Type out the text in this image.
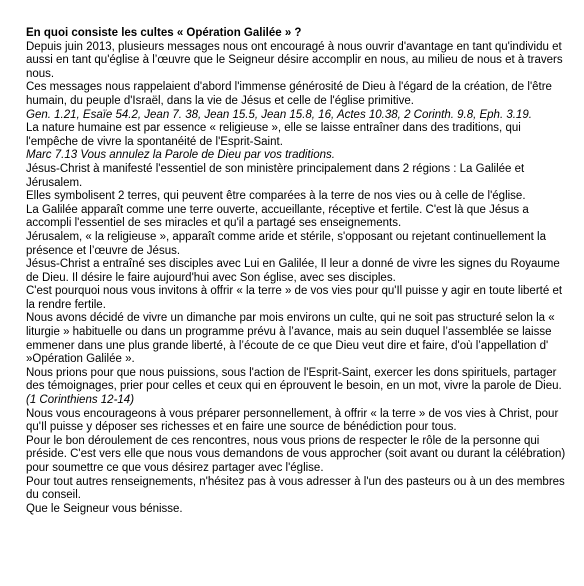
En quoi consiste les cultes « Opération Galilée » ?

Depuis juin 2013, plusieurs messages nous ont encouragé à nous ouvrir d'avantage en tant qu'individu et aussi en tant qu'église à l’œuvre que le Seigneur désire accomplir en nous, au milieu de nous et à travers nous.

Ces messages nous rappelaient d'abord l'immense générosité de Dieu à l'égard de la création, de l'être humain, du peuple d'Israël, dans la vie de Jésus et celle de l'église primitive.

Gen. 1.21, Esaïe 54.2, Jean 7. 38, Jean 15.5, Jean 15.8, 16, Actes 10.38, 2 Corinth. 9.8, Eph. 3.19.

La nature humaine est par essence « religieuse », elle se laisse entraîner dans des traditions, qui l'empêche de vivre la spontanéité de l'Esprit-Saint.

Marc 7.13 Vous annulez la Parole de Dieu par vos traditions.

Jésus-Christ à manifesté l'essentiel de son ministère principalement dans 2 régions : La Galilée et Jérusalem.

Elles symbolisent 2 terres, qui peuvent être comparées à la terre de nos vies ou à celle de l'église.

La Galilée apparaît comme une terre ouverte, accueillante, réceptive et fertile. C'est là que Jésus a accompli l'essentiel de ses miracles et qu'il a partagé ses enseignements.

Jérusalem, « la religieuse », apparaît comme aride et stérile, s'opposant ou rejetant continuellement la présence et l’œuvre de Jésus.

Jésus-Christ a entraîné ses disciples avec Lui en Galilée, Il leur a donné de vivre les signes du Royaume de Dieu. Il désire le faire aujourd'hui avec Son église, avec ses disciples.

C'est pourquoi nous vous invitons à offrir « la terre » de vos vies pour qu'Il puisse y agir en toute liberté et la rendre fertile.

Nous avons décidé de vivre un dimanche par mois environs un culte, qui ne soit pas structuré selon la « liturgie » habituelle ou dans un programme prévu à l’avance, mais au sein duquel l’assemblée se laisse emmener dans une plus grande liberté, à l’écoute de ce que Dieu veut dire et faire, d'où l’appellation d' »Opération Galilée ».

Nous prions pour que nous puissions, sous l'action de l'Esprit-Saint, exercer les dons spirituels, partager des témoignages, prier pour celles et ceux qui en éprouvent le besoin, en un mot, vivre la parole de Dieu. (1 Corinthiens 12-14)

Nous vous encourageons à vous préparer personnellement, à offrir « la terre » de vos vies à Christ, pour qu'Il puisse y déposer ses richesses et en faire une source de bénédiction pour tous.

Pour le bon déroulement de ces rencontres, nous vous prions de respecter le rôle de la personne qui préside. C'est vers elle que nous vous demandons de vous approcher (soit avant ou durant la célébration) pour soumettre ce que vous désirez partager avec l'église.

Pour tout autres renseignements, n'hésitez pas à vous adresser à l'un des pasteurs ou à un des membres du conseil.

Que le Seigneur vous bénisse.
